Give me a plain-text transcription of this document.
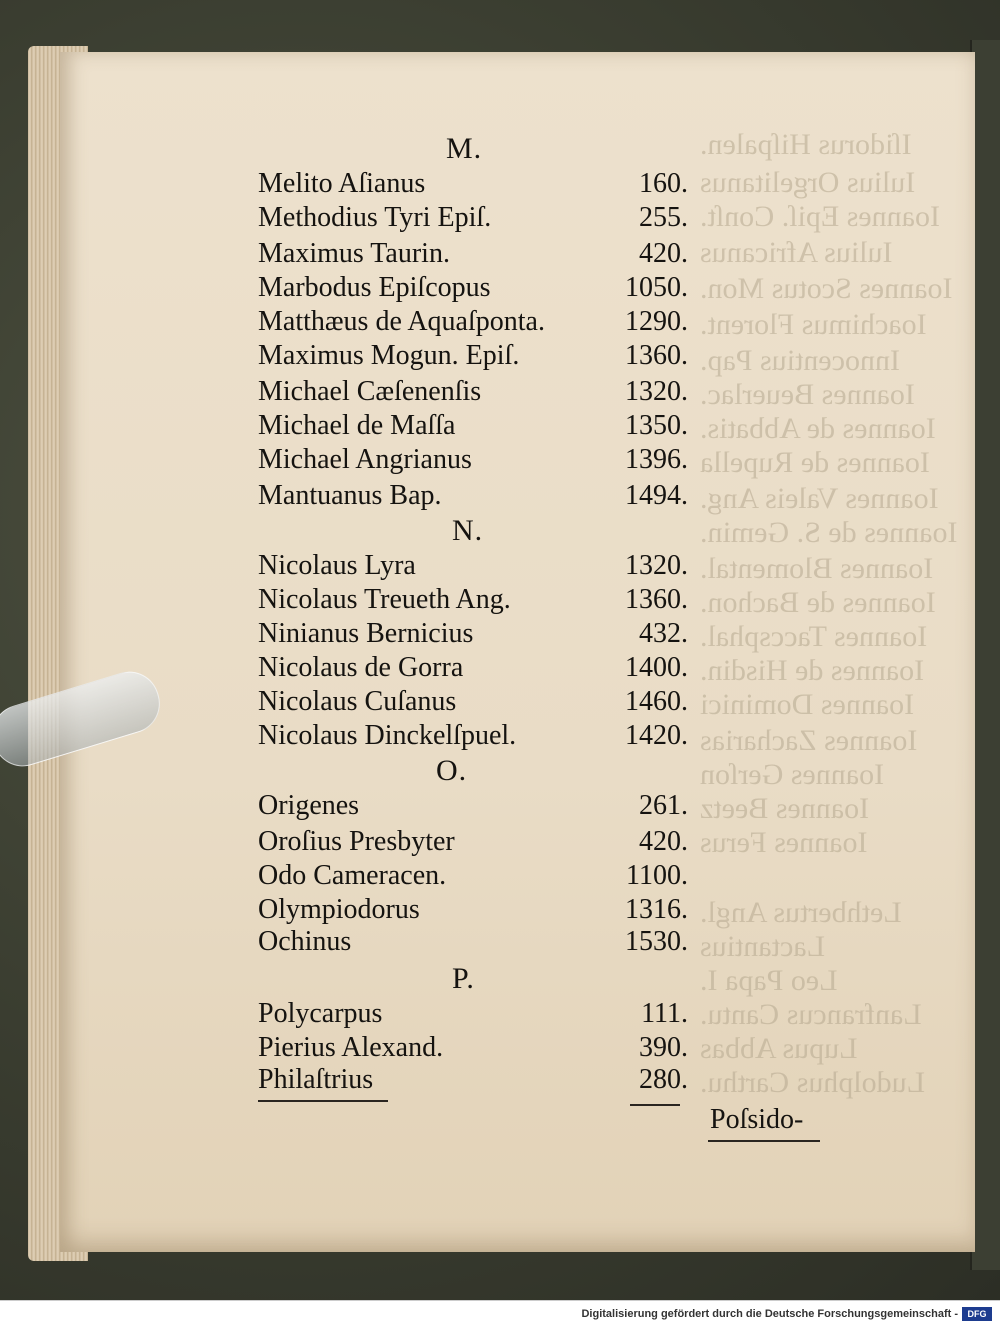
Iſidorus Hiſpalen.
Iulius Orgelitanus
Ioannes Epiſ. Conſt.
Iulius Africanus
Ioannes Scotus Mon.
Ioachimus Florent.
Innocentius Pap.
Ioannes Beuerlac.
Ioannes de Abbatis.
Ioannes de Rupella
Ioannes Valeis Ang.
Ioannes de S. Gemin.
Ioannes Blomental.
Ioannes de Bachon.
Ioannes Taccsphal.
Ioannes de Hisdin.
Ioannes Dominici
Ioannes Zacharias
Ioannes Gerſon
Ioannes Beetz
Ioannes Ferus
Lethbertus Angl.
Lactantius
Leo Papa I.
Lanfrancus Cantu.
Lupus Abbas
Ludolphus Carthu.
M.
Melito Aſianus	160.
Methodius Tyri Epiſ.	255.
Maximus Taurin.	420.
Marbodus Epiſcopus	1050.
Matthæus de Aquaſponta.	1290.
Maximus Mogun. Epiſ.	1360.
Michael Cæſenenſis	1320.
Michael de Maſſa	1350.
Michael Angrianus	1396.
Mantuanus Bap.	1494.
N.
Nicolaus Lyra	1320.
Nicolaus Treueth Ang.	1360.
Ninianus Bernicius	432.
Nicolaus de Gorra	1400.
Nicolaus Cuſanus	1460.
Nicolaus Dinckelſpuel.	1420.
O.
Origenes	261.
Oroſius Presbyter	420.
Odo Cameracen.	1100.
Olympiodorus	1316.
Ochinus	1530.
P.
Polycarpus	111.
Pierius Alexand.	390.
Philaſtrius	280.
Poſsido-
Digitalisierung gefördert durch die Deutsche Forschungsgemeinschaft -	DFG
